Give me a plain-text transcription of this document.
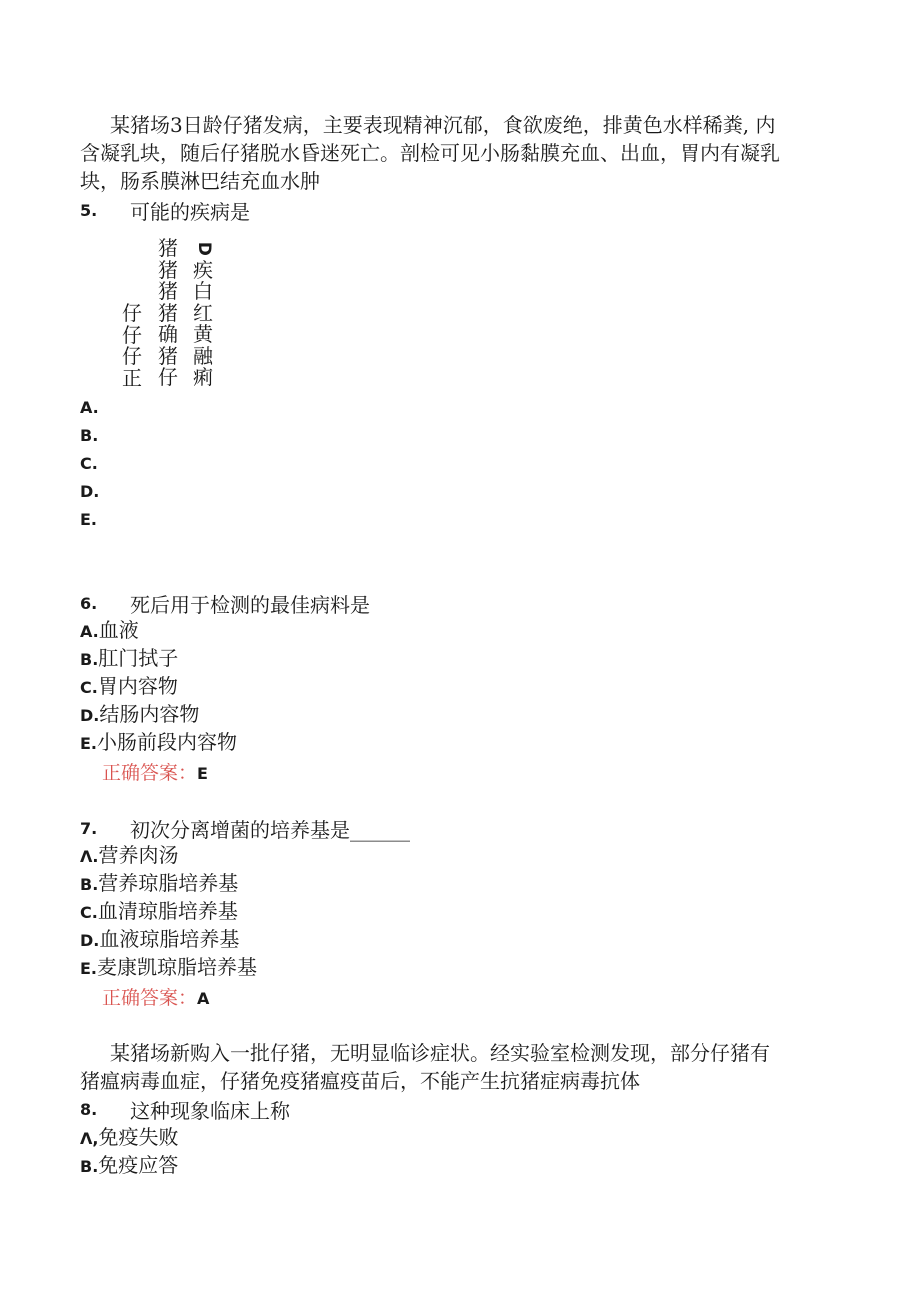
某猪场3日龄仔猪发病，主要表现精神沉郁，食欲废绝，排黄色水样稀粪, 内
含凝乳块，随后仔猪脱水昏迷死亡。剖检可见小肠黏膜充血、出血，胃内有凝乳
块，肠系膜淋巴结充血水肿
5. 可能的疾病是
仔
仔
仔
正
猪
猪
猪
猪
确
猪
仔
D
疾
白
红
黄
融
痢
A.
B.
C.
D.
E.
6. 死后用于检测的最佳病料是
A.血液
B.肛门拭子
C.胃内容物
D.结肠内容物
E.小肠前段内容物
正确答案：E
7. 初次分离增菌的培养基是______
Λ.营养肉汤
B.营养琼脂培养基
C.血清琼脂培养基
D.血液琼脂培养基
E.麦康凯琼脂培养基
正确答案：A
某猪场新购入一批仔猪，无明显临诊症状。经实验室检测发现，部分仔猪有
猪瘟病毒血症，仔猪免疫猪瘟疫苗后，不能产生抗猪症病毒抗体
8. 这种现象临床上称
Λ,免疫失败
B.免疫应答
